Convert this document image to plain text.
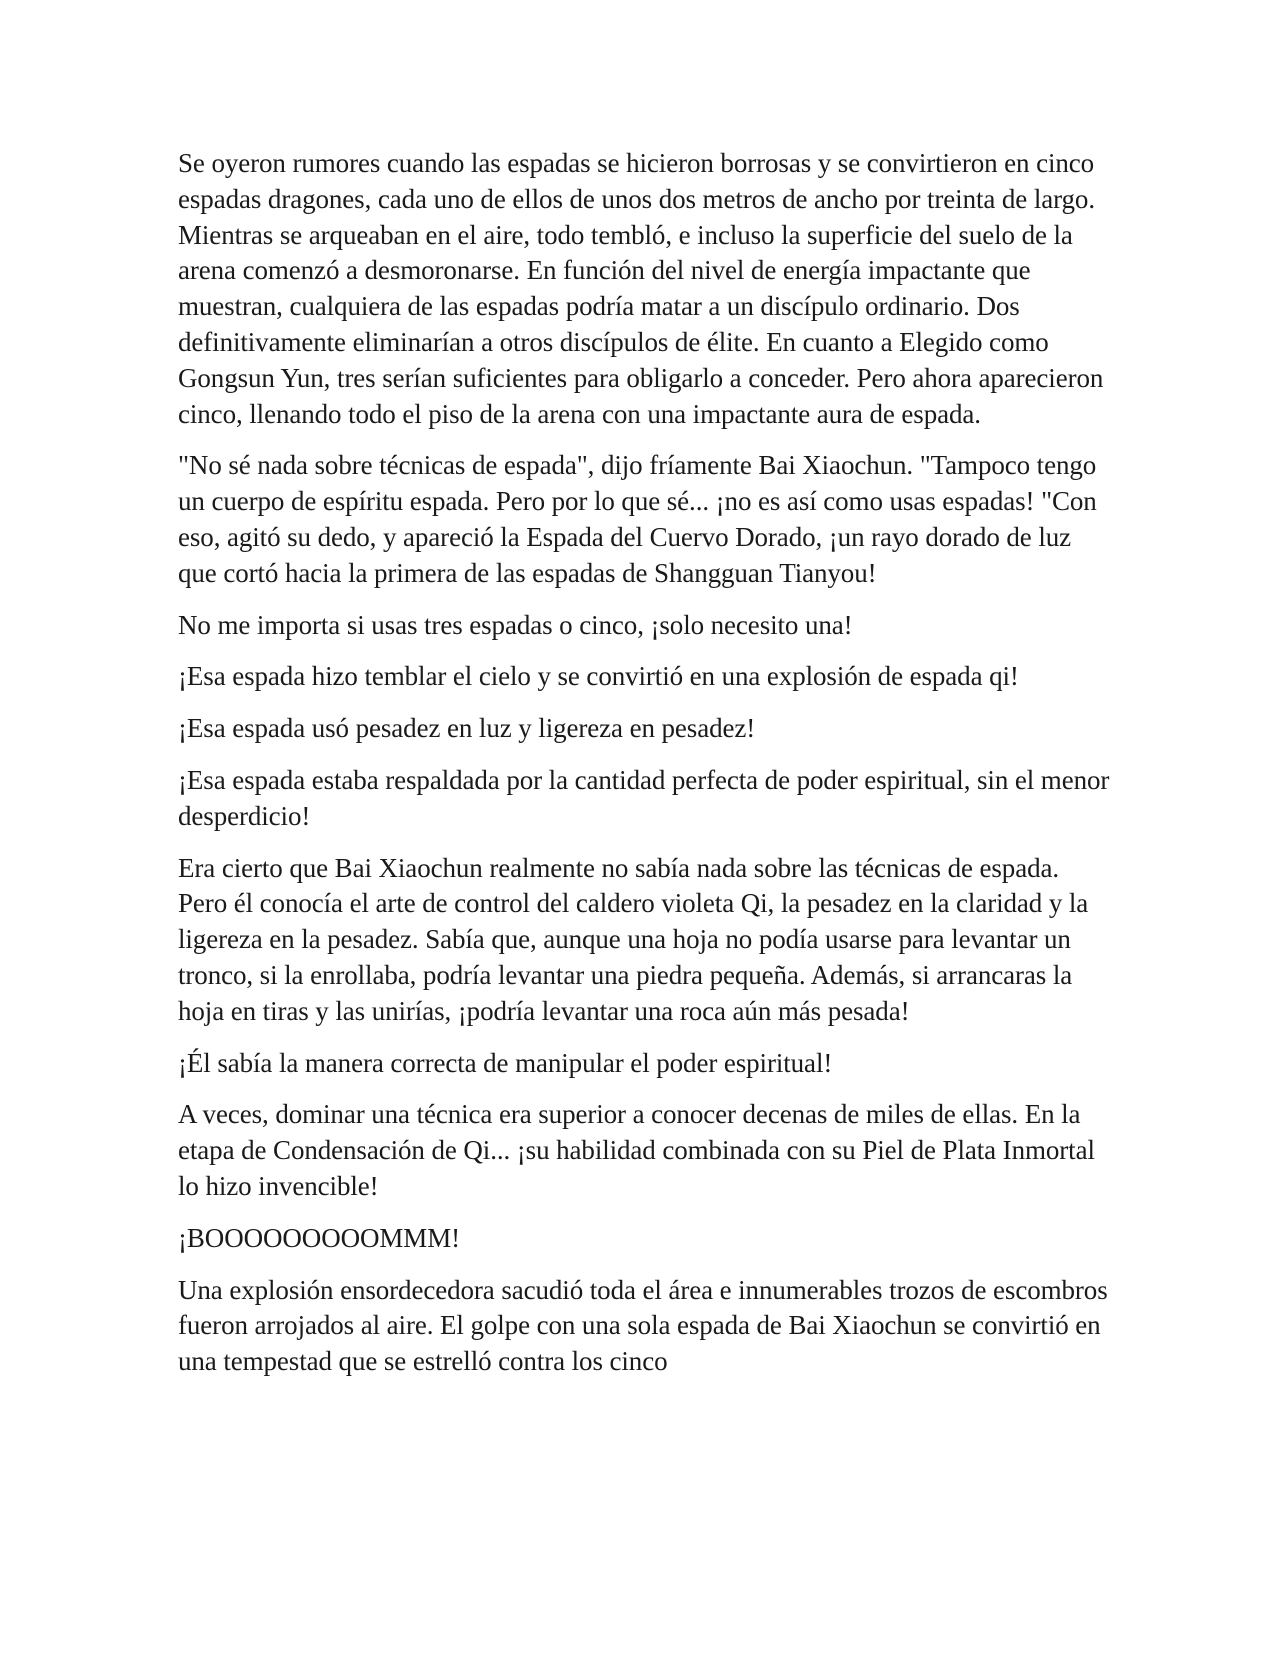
Se oyeron rumores cuando las espadas se hicieron borrosas y se convirtieron en cinco espadas dragones, cada uno de ellos de unos dos metros de ancho por treinta de largo. Mientras se arqueaban en el aire, todo tembló, e incluso la superficie del suelo de la arena comenzó a desmoronarse. En función del nivel de energía impactante que muestran, cualquiera de las espadas podría matar a un discípulo ordinario. Dos definitivamente eliminarían a otros discípulos de élite. En cuanto a Elegido como Gongsun Yun, tres serían suficientes para obligarlo a conceder. Pero ahora aparecieron cinco, llenando todo el piso de la arena con una impactante aura de espada.

"No sé nada sobre técnicas de espada", dijo fríamente Bai Xiaochun. "Tampoco tengo un cuerpo de espíritu espada. Pero por lo que sé... ¡no es así como usas espadas! "Con eso, agitó su dedo, y apareció la Espada del Cuervo Dorado, ¡un rayo dorado de luz que cortó hacia la primera de las espadas de Shangguan Tianyou!

No me importa si usas tres espadas o cinco, ¡solo necesito una!

¡Esa espada hizo temblar el cielo y se convirtió en una explosión de espada qi!

¡Esa espada usó pesadez en luz y ligereza en pesadez!

¡Esa espada estaba respaldada por la cantidad perfecta de poder espiritual, sin el menor desperdicio!

Era cierto que Bai Xiaochun realmente no sabía nada sobre las técnicas de espada. Pero él conocía el arte de control del caldero violeta Qi, la pesadez en la claridad y la ligereza en la pesadez. Sabía que, aunque una hoja no podía usarse para levantar un tronco, si la enrollaba, podría levantar una piedra pequeña. Además, si arrancaras la hoja en tiras y las unirías, ¡podría levantar una roca aún más pesada!

¡Él sabía la manera correcta de manipular el poder espiritual!

A veces, dominar una técnica era superior a conocer decenas de miles de ellas. En la etapa de Condensación de Qi... ¡su habilidad combinada con su Piel de Plata Inmortal lo hizo invencible!

¡BOOOOOOOOOMMM!

Una explosión ensordecedora sacudió toda el área e innumerables trozos de escombros fueron arrojados al aire. El golpe con una sola espada de Bai Xiaochun se convirtió en una tempestad que se estrelló contra los cinco
